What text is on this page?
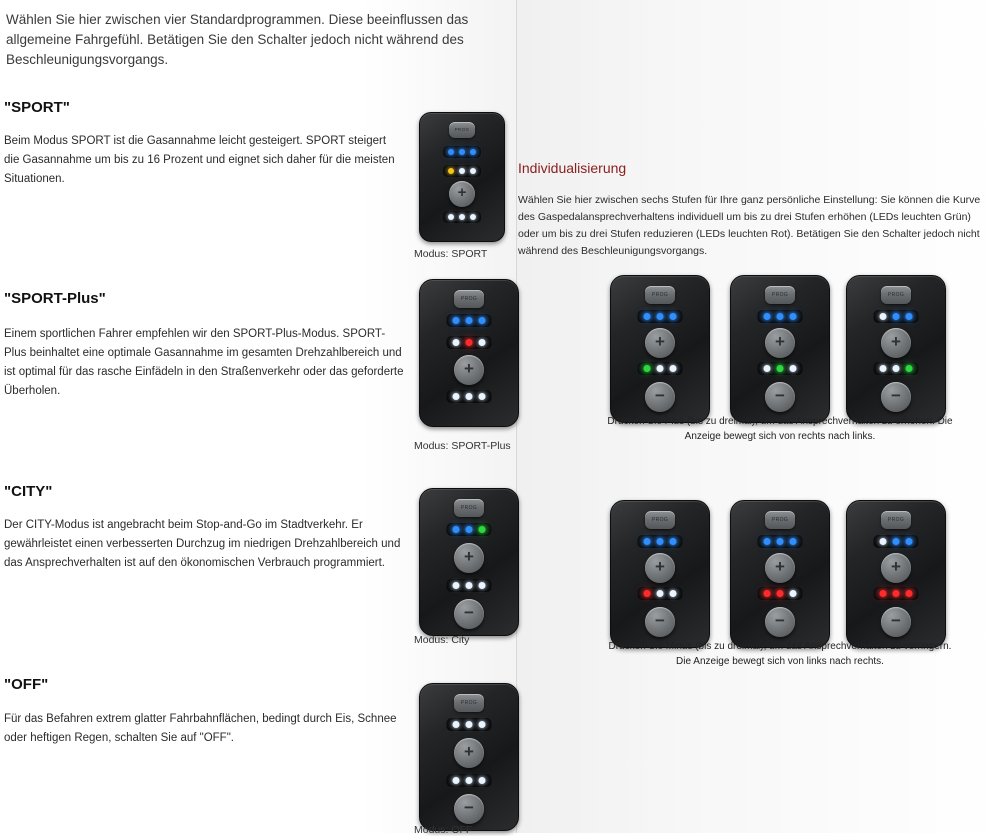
Wählen Sie hier zwischen vier Standardprogrammen. Diese beeinflussen das allgemeine Fahrgefühl. Betätigen Sie den Schalter jedoch nicht während des Beschleunigungsvorgangs.
"SPORT"
Beim Modus SPORT ist die Gasannahme leicht gesteigert. SPORT steigert die Gasannahme um bis zu 16 Prozent und eignet sich daher für die meisten Situationen.
PROG
+
Modus: SPORT
"SPORT-Plus"
Einem sportlichen Fahrer empfehlen wir den SPORT-Plus-Modus. SPORT-Plus beinhaltet eine optimale Gasannahme im gesamten Drehzahlbereich und ist optimal für das rasche Einfädeln in den Straßenverkehr oder das geforderte Überholen.
PROG
+
Modus: SPORT-Plus
"CITY"
Der CITY-Modus ist angebracht beim Stop-and-Go im Stadtverkehr. Er gewährleistet einen verbesserten Durchzug im niedrigen Drehzahlbereich und das Ansprechverhalten ist auf den ökonomischen Verbrauch programmiert.
PROG
+
−
Modus: City
"OFF"
Für das Befahren extrem glatter Fahrbahnflächen, bedingt durch Eis, Schnee oder heftigen Regen, schalten Sie auf "OFF".
PROG
+
−
Modus: OFF
Individualisierung
Wählen Sie hier zwischen sechs Stufen für Ihre ganz persönliche Einstellung: Sie können die Kurve des Gaspedalansprechverhaltens individuell um bis zu drei Stufen erhöhen (LEDs leuchten Grün) oder um bis zu drei Stufen reduzieren (LEDs leuchten Rot). Betätigen Sie den Schalter jedoch nicht während des Beschleunigungsvorgangs.
PROG
+
−
PROG
+
−
PROG
+
−
Drücken Sie Plus (bis zu dreimal), um das Ansprechverhalten zu erhöhen. Die Anzeige bewegt sich von rechts nach links.
PROG
+
−
PROG
+
−
PROG
+
−
Drücken Sie Minus (bis zu dreimal), um das Ansprechverhalten zu verringern. Die Anzeige bewegt sich von links nach rechts.
